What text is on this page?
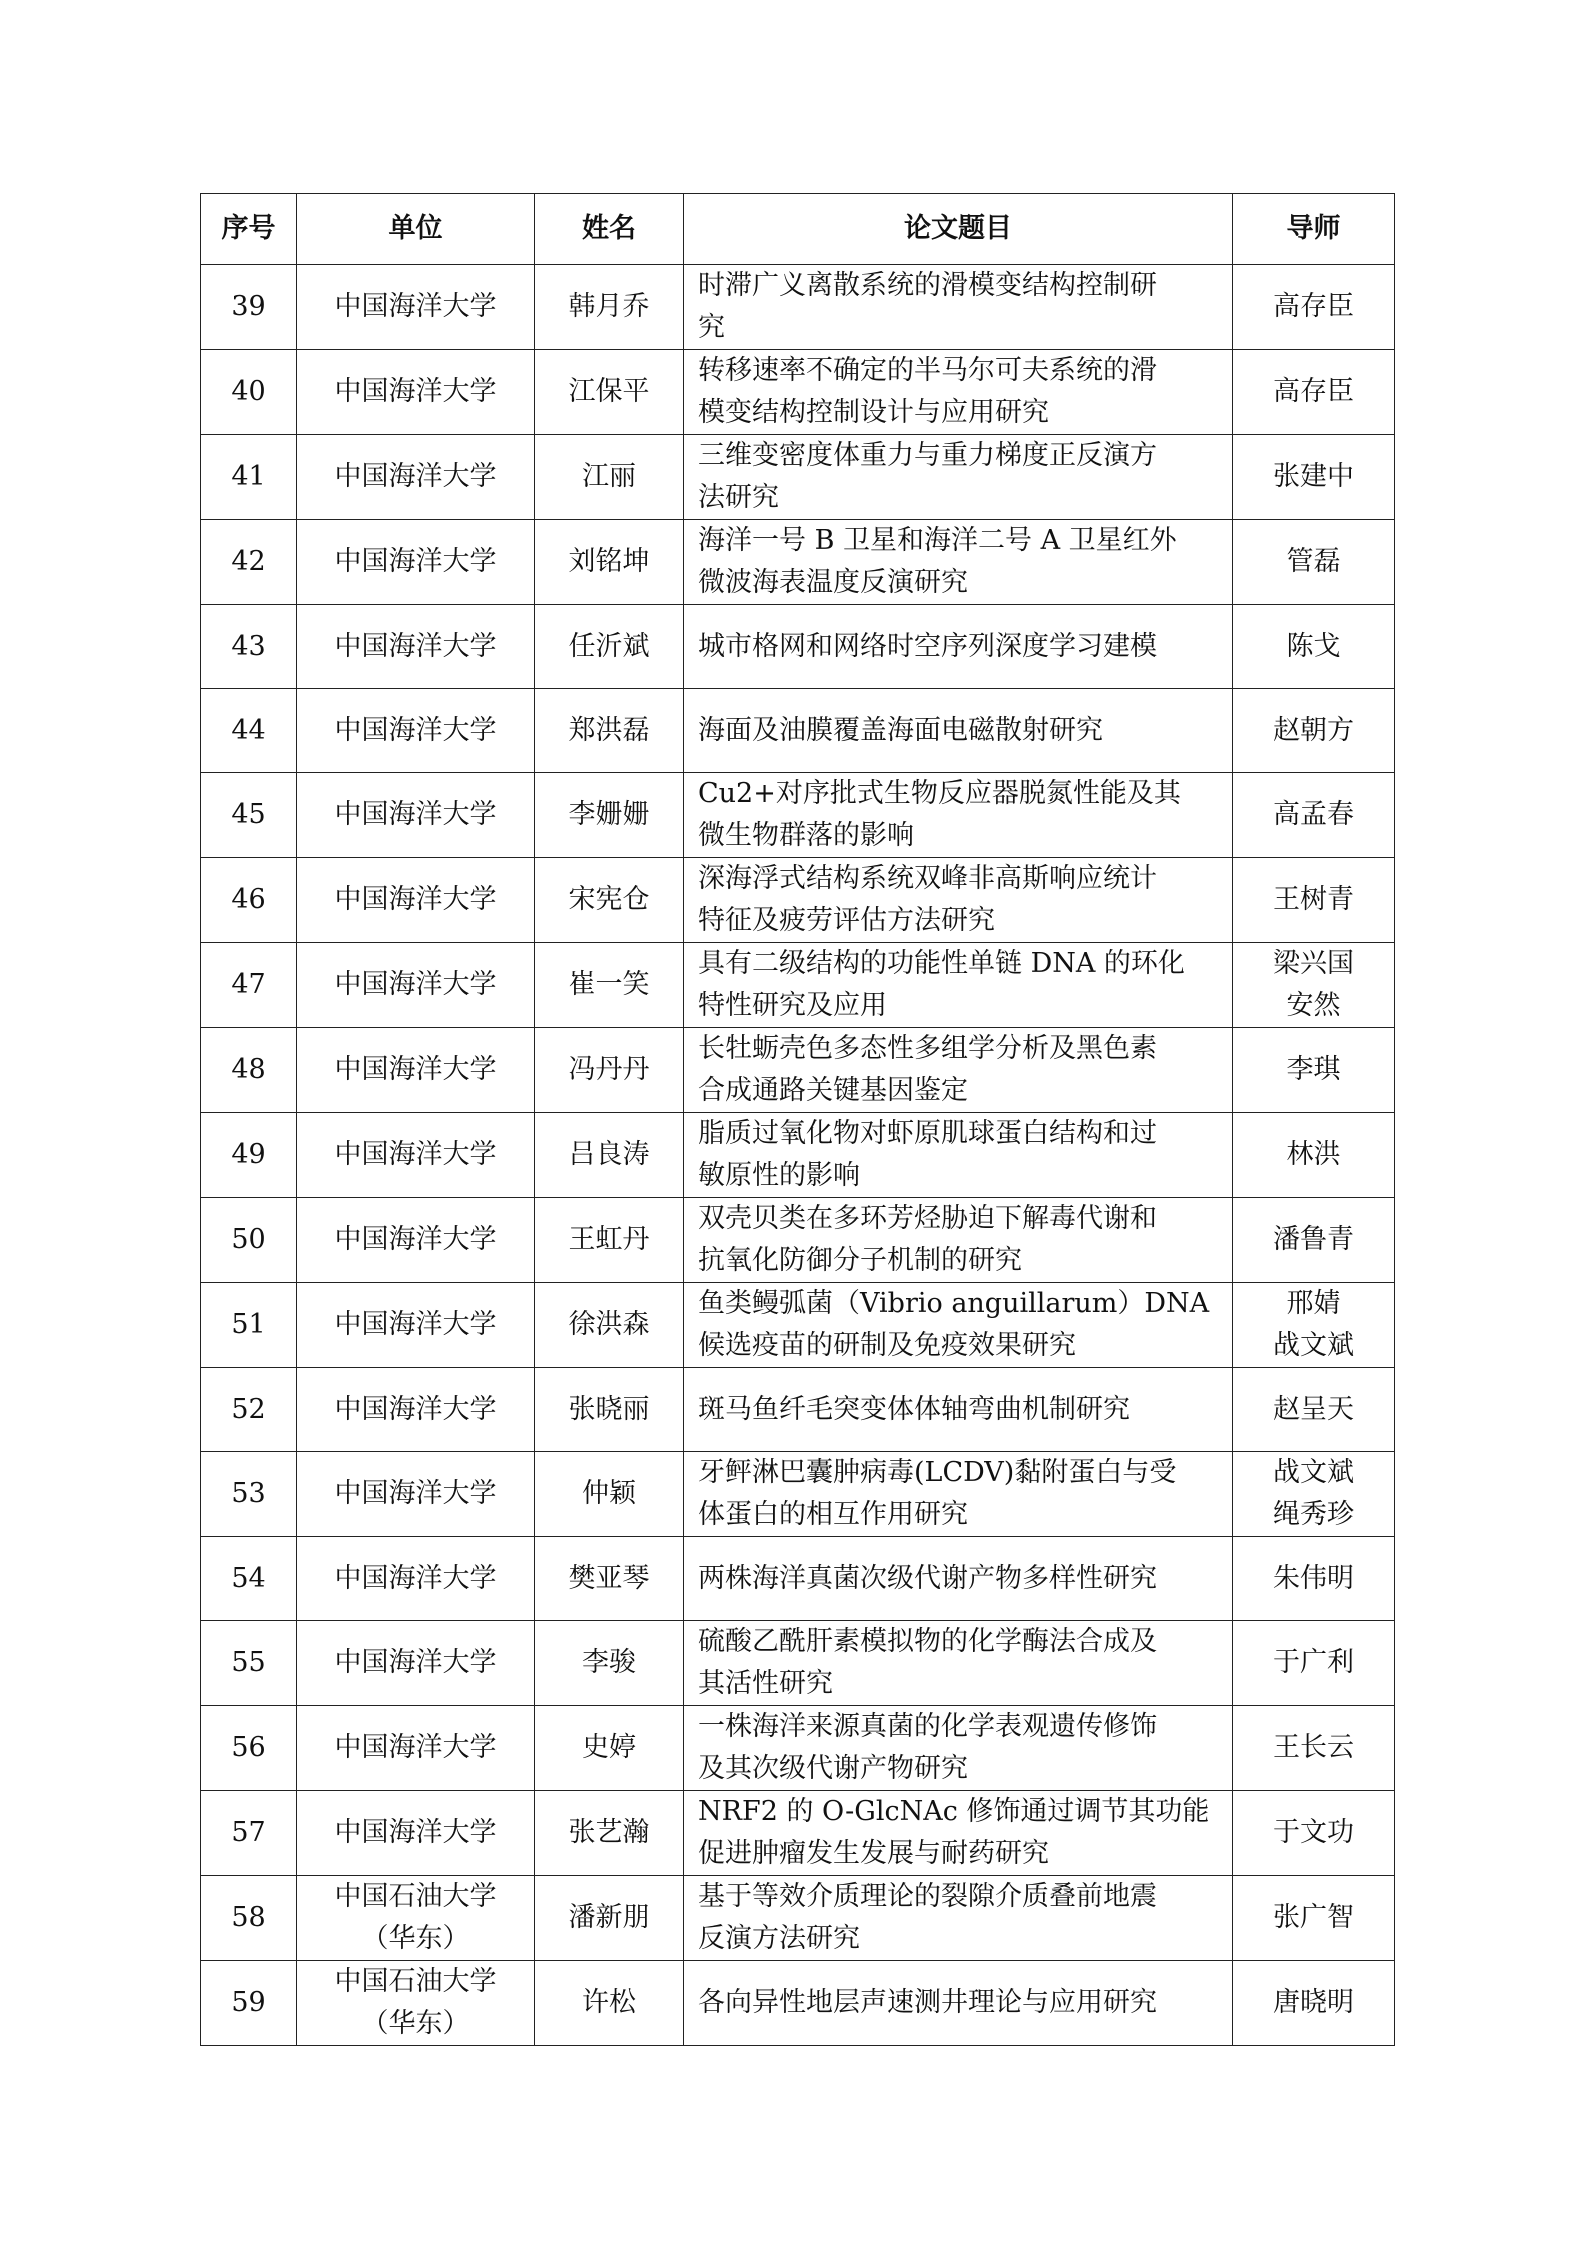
序号	单位	姓名	论文题目	导师
39	中国海洋大学	韩月乔	时滞广义离散系统的滑模变结构控制研
究	高存臣

40	中国海洋大学	江保平	转移速率不确定的半马尔可夫系统的滑
模变结构控制设计与应用研究	高存臣

41	中国海洋大学	江丽	三维变密度体重力与重力梯度正反演方
法研究	张建中

42	中国海洋大学	刘铭坤	海洋一号 B 卫星和海洋二号 A 卫星红外
微波海表温度反演研究	管磊

43	中国海洋大学	任沂斌	城市格网和网络时空序列深度学习建模	陈戈

44	中国海洋大学	郑洪磊	海面及油膜覆盖海面电磁散射研究	赵朝方

45	中国海洋大学	李姗姗	Cu2+对序批式生物反应器脱氮性能及其
微生物群落的影响	高孟春

46	中国海洋大学	宋宪仓	深海浮式结构系统双峰非高斯响应统计
特征及疲劳评估方法研究	王树青

47	中国海洋大学	崔一笑	具有二级结构的功能性单链 DNA 的环化
特性研究及应用	梁兴国
安然

48	中国海洋大学	冯丹丹	长牡蛎壳色多态性多组学分析及黑色素
合成通路关键基因鉴定	李琪

49	中国海洋大学	吕良涛	脂质过氧化物对虾原肌球蛋白结构和过
敏原性的影响	林洪

50	中国海洋大学	王虹丹	双壳贝类在多环芳烃胁迫下解毒代谢和
抗氧化防御分子机制的研究	潘鲁青

51	中国海洋大学	徐洪森	鱼类鳗弧菌（Vibrio anguillarum）DNA
候选疫苗的研制及免疫效果研究	邢婧
战文斌

52	中国海洋大学	张晓丽	斑马鱼纤毛突变体体轴弯曲机制研究	赵呈天

53	中国海洋大学	仲颖	牙鲆淋巴囊肿病毒(LCDV)黏附蛋白与受
体蛋白的相互作用研究	战文斌
绳秀珍

54	中国海洋大学	樊亚琴	两株海洋真菌次级代谢产物多样性研究	朱伟明

55	中国海洋大学	李骏	硫酸乙酰肝素模拟物的化学酶法合成及
其活性研究	于广利

56	中国海洋大学	史婷	一株海洋来源真菌的化学表观遗传修饰
及其次级代谢产物研究	王长云

57	中国海洋大学	张艺瀚	NRF2 的 O-GlcNAc 修饰通过调节其功能
促进肿瘤发生发展与耐药研究	于文功

58	中国石油大学
（华东）	潘新朋	基于等效介质理论的裂隙介质叠前地震
反演方法研究	张广智

59	中国石油大学
（华东）	许松	各向异性地层声速测井理论与应用研究	唐晓明
